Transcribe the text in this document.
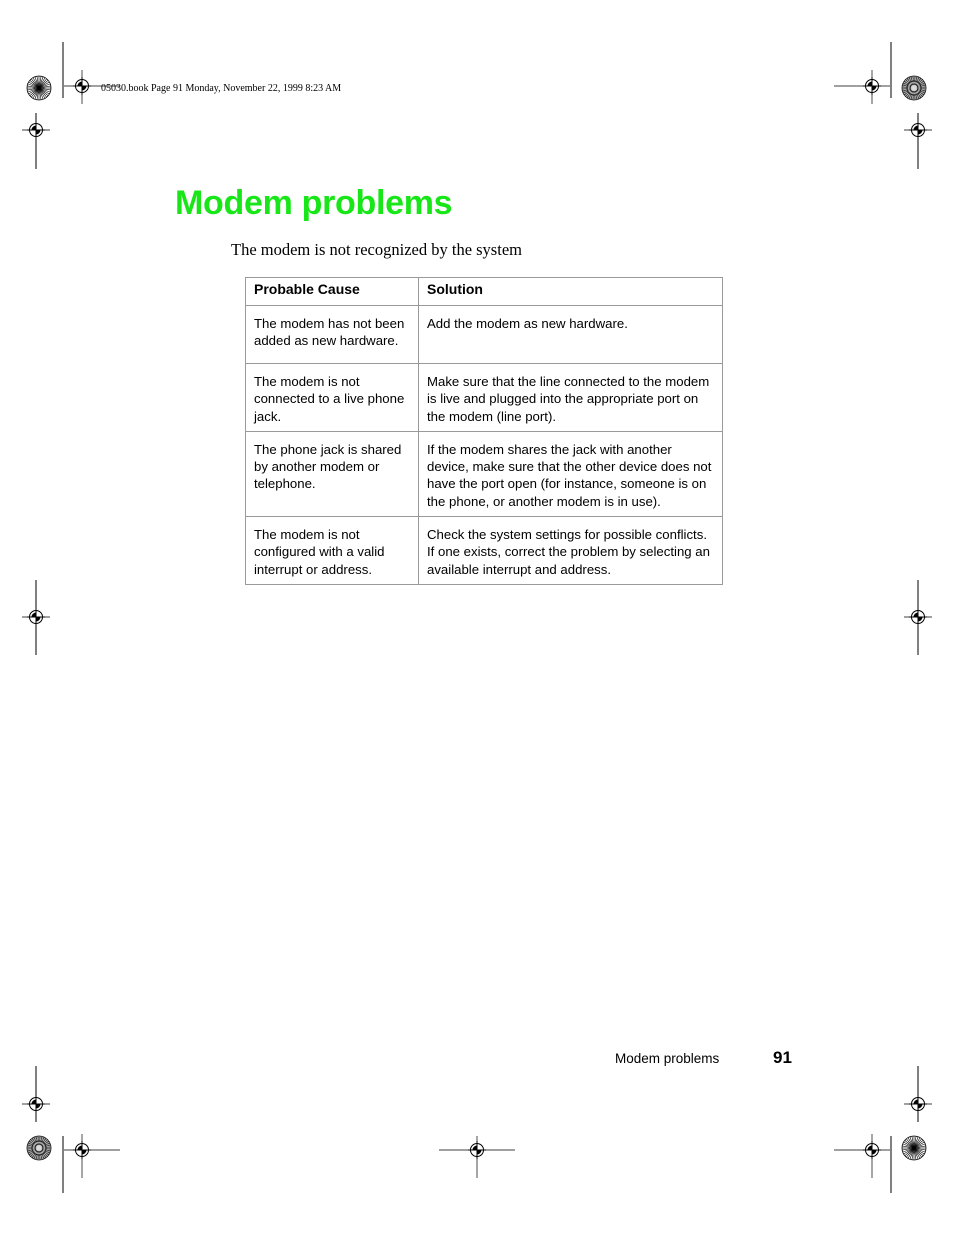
05030.book Page 91 Monday, November 22, 1999 8:23 AM
Modem problems
The modem is not recognized by the system
Probable Cause	Solution
The modem has not been added as new hardware.	Add the modem as new hardware.
The modem is not connected to a live phone jack.	Make sure that the line connected to the modem is live and plugged into the appropriate port on the modem (line port).
The phone jack is shared by another modem or telephone.	If the modem shares the jack with another device, make sure that the other device does not have the port open (for instance, someone is on the phone, or another modem is in use).
The modem is not configured with a valid interrupt or address.	Check the system settings for possible conflicts. If one exists, correct the problem by selecting an available interrupt and address.
Modem problems	91
